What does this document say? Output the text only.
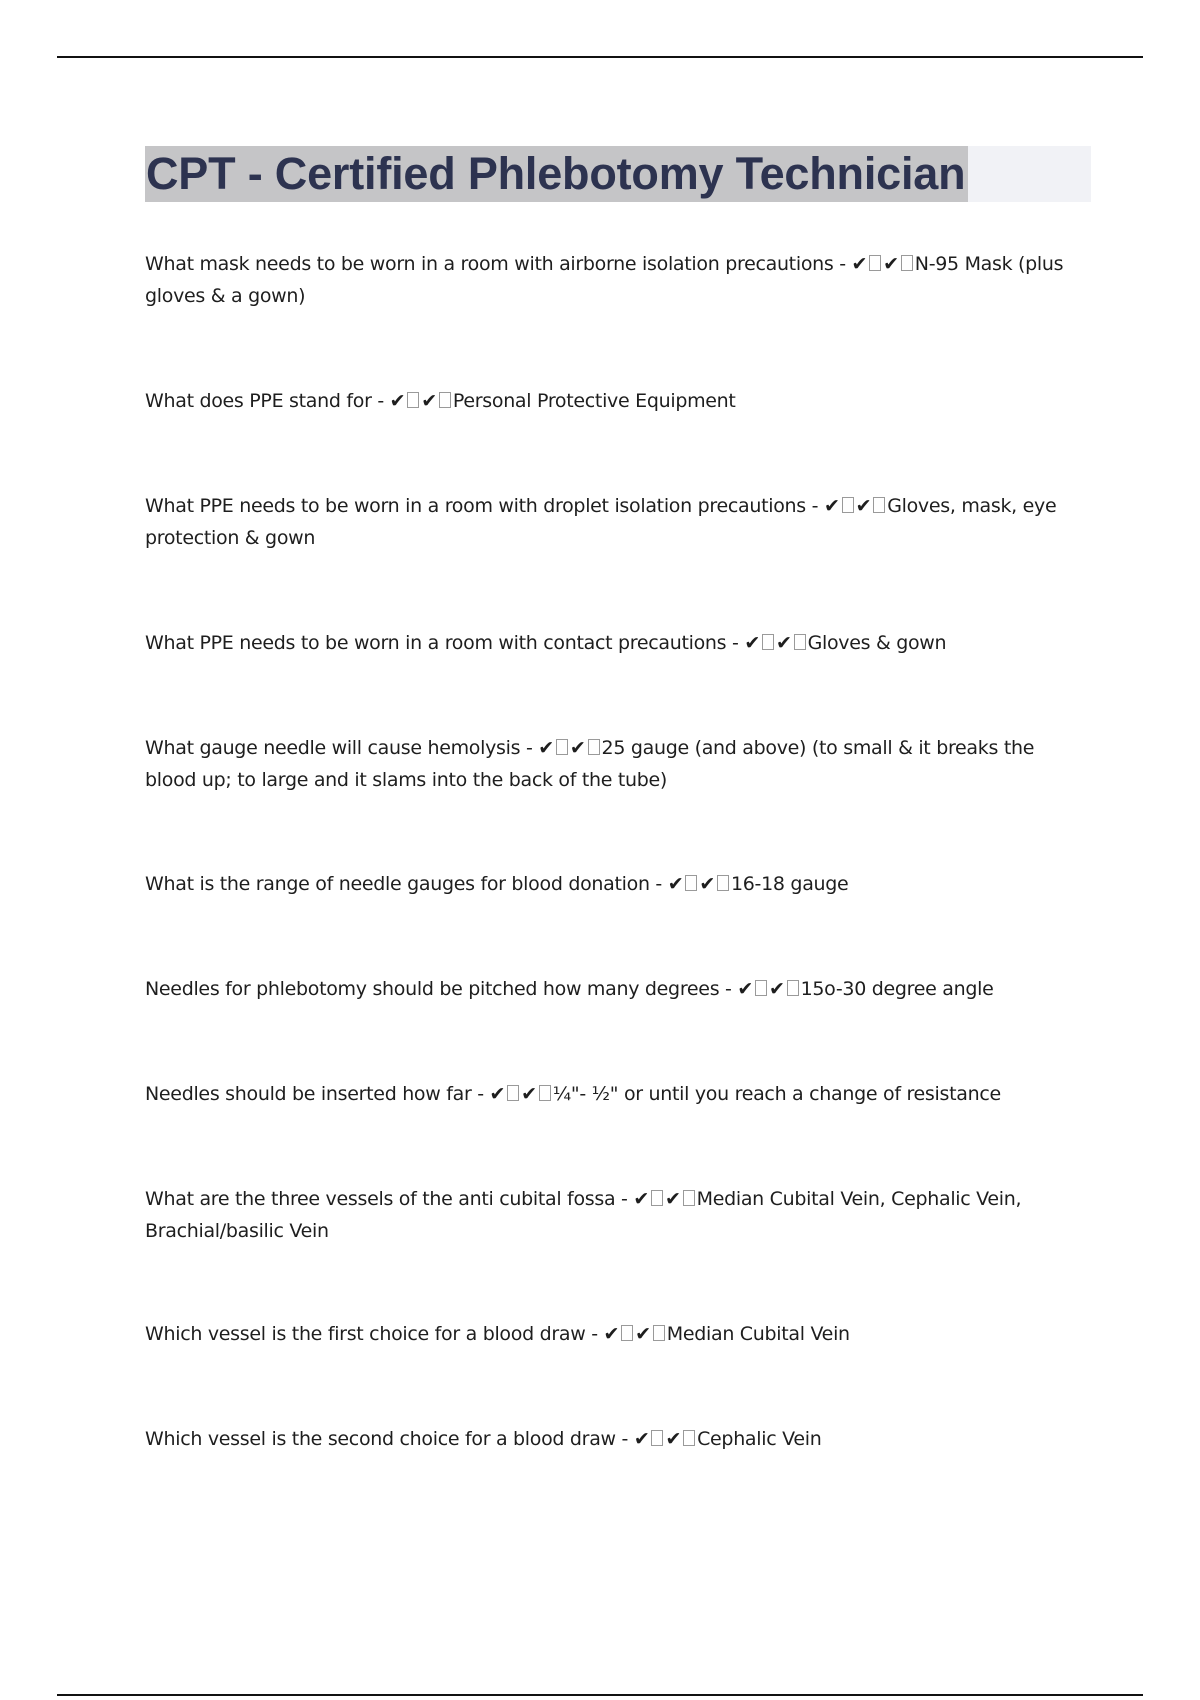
CPT - Certified Phlebotomy Technician

What mask needs to be worn in a room with airborne isolation precautions - ✔ ✔ N-95 Mask (plus gloves & a gown)

What does PPE stand for - ✔ ✔ Personal Protective Equipment

What PPE needs to be worn in a room with droplet isolation precautions - ✔ ✔ Gloves, mask, eye protection & gown

What PPE needs to be worn in a room with contact precautions - ✔ ✔ Gloves & gown

What gauge needle will cause hemolysis - ✔ ✔ 25 gauge (and above) (to small & it breaks the blood up; to large and it slams into the back of the tube)

What is the range of needle gauges for blood donation - ✔ ✔ 16-18 gauge

Needles for phlebotomy should be pitched how many degrees - ✔ ✔ 15o-30 degree angle

Needles should be inserted how far - ✔ ✔ ¼"- ½" or until you reach a change of resistance

What are the three vessels of the anti cubital fossa - ✔ ✔ Median Cubital Vein, Cephalic Vein, Brachial/basilic Vein

Which vessel is the first choice for a blood draw - ✔ ✔ Median Cubital Vein

Which vessel is the second choice for a blood draw - ✔ ✔ Cephalic Vein
